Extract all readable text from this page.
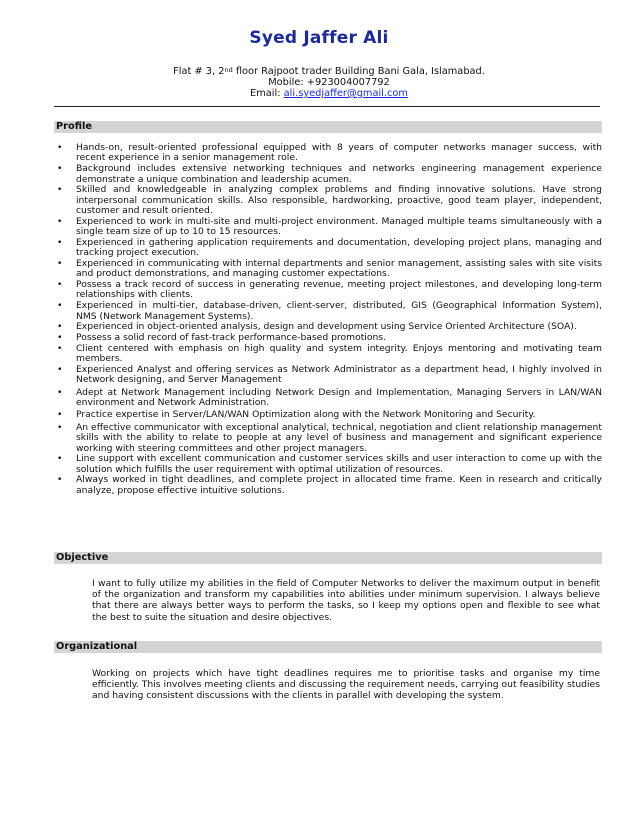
Syed Jaffer Ali
Flat # 3, 2nd floor Rajpoot trader Building Bani Gala, Islamabad.
Mobile: +923004007792
Email: ali.syedjaffer@gmail.com
Profile
• Hands-on, result-oriented professional equipped with 8 years of computer networks manager success, with recent experience in a senior management role.
• Background includes extensive networking techniques and networks engineering management experience demonstrate a unique combination and leadership acumen.
• Skilled and knowledgeable in analyzing complex problems and finding innovative solutions. Have strong interpersonal communication skills. Also responsible, hardworking, proactive, good team player, independent, customer and result oriented.
• Experienced to work in multi-site and multi-project environment. Managed multiple teams simultaneously with a single team size of up to 10 to 15 resources.
• Experienced in gathering application requirements and documentation, developing project plans, managing and tracking project execution.
• Experienced in communicating with internal departments and senior management, assisting sales with site visits and product demonstrations, and managing customer expectations.
• Possess a track record of success in generating revenue, meeting project milestones, and developing long-term relationships with clients.
• Experienced in multi-tier, database-driven, client-server, distributed, GIS (Geographical Information System), NMS (Network Management Systems).
• Experienced in object-oriented analysis, design and development using Service Oriented Architecture (SOA).
• Possess a solid record of fast-track performance-based promotions.
• Client centered with emphasis on high quality and system integrity. Enjoys mentoring and motivating team members.
• Experienced Analyst and offering services as Network Administrator as a department head, I highly involved in Network designing, and Server Management
• Adept at Network Management including Network Design and Implementation, Managing Servers in LAN/WAN environment and Network Administration.
• Practice expertise in Server/LAN/WAN Optimization along with the Network Monitoring and Security.
• An effective communicator with exceptional analytical, technical, negotiation and client relationship management skills with the ability to relate to people at any level of business and management and significant experience working with steering committees and other project managers.
• Line support with excellent communication and customer services skills and user interaction to come up with the solution which fulfills the user requirement with optimal utilization of resources.
• Always worked in tight deadlines, and complete project in allocated time frame. Keen in research and critically analyze, propose effective intuitive solutions.
Objective
I want to fully utilize my abilities in the field of Computer Networks to deliver the maximum output in benefit of the organization and transform my capabilities into abilities under minimum supervision. I always believe that there are always better ways to perform the tasks, so I keep my options open and flexible to see what the best to suite the situation and desire objectives.
Organizational
Working on projects which have tight deadlines requires me to prioritise tasks and organise my time efficiently. This involves meeting clients and discussing the requirement needs, carrying out feasibility studies and having consistent discussions with the clients in parallel with developing the system.
